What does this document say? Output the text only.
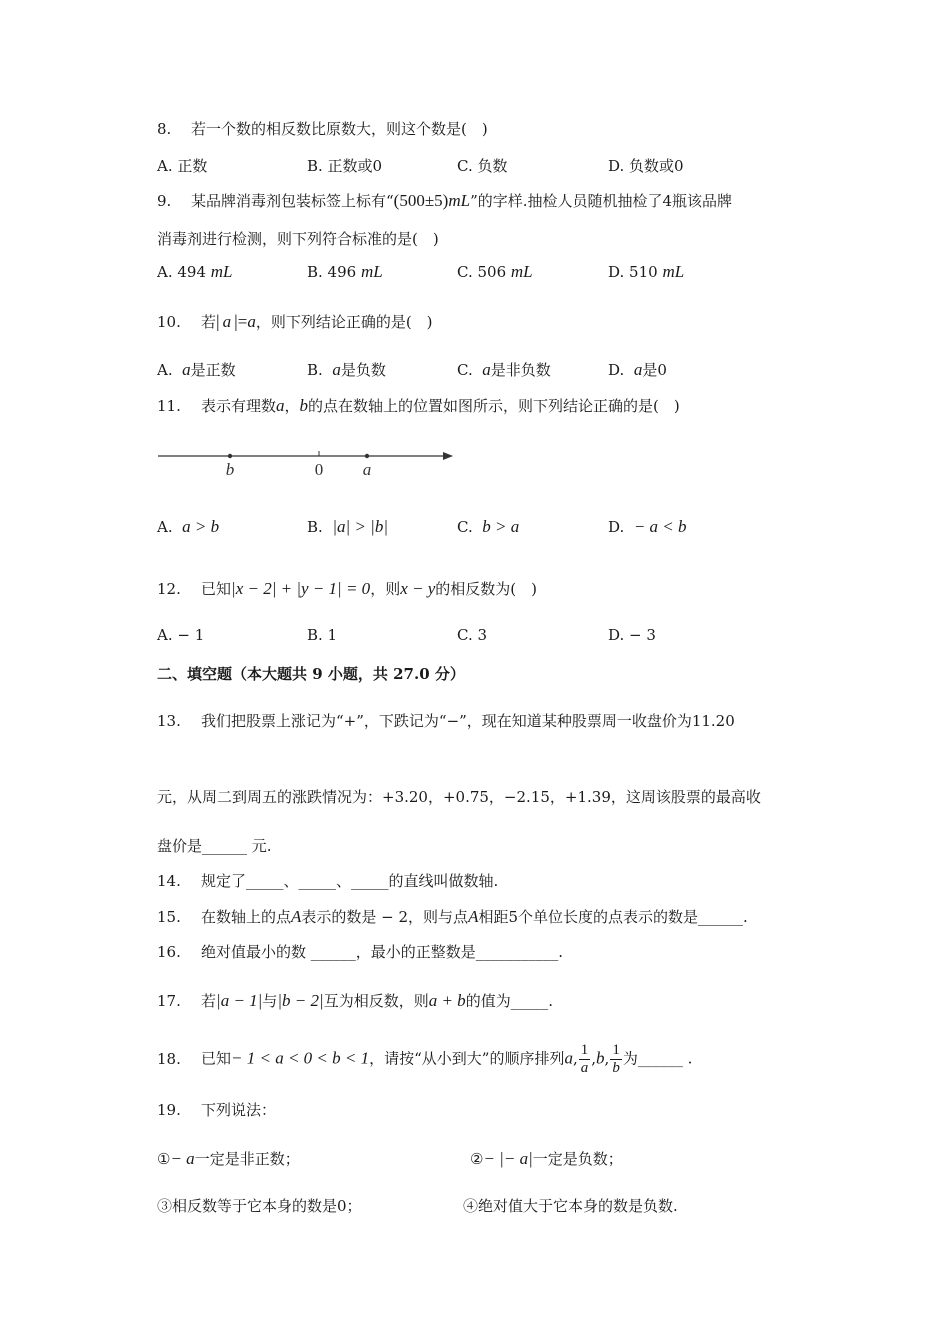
8. 若一个数的相反数比原数大，则这个数是(　)
A. 正数	B. 正数或0	C. 负数	D. 负数或0
9. 某品牌消毒剂包装标签上标有“(500±5)mL”的字样.抽检人员随机抽检了4瓶该品牌
消毒剂进行检测，则下列符合标准的是(　)
A. 494 mL	B. 496 mL	C. 506 mL	D. 510 mL
10. 若| a |=a，则下列结论正确的是(　)
A. a是正数	B. a是负数	C. a是非负数	D. a是0
11. 表示有理数a，b的点在数轴上的位置如图所示，则下列结论正确的是(　)
b	0 a
A. a > b	B. |a| > |b|	C. b > a	D. − a < b
12. 已知|x − 2| + |y − 1| = 0，则x − y的相反数为(　)
A. − 1	B. 1	C. 3	D. − 3
二、填空题（本大题共 9 小题，共 27.0 分）
13. 我们把股票上涨记为“+”，下跌记为“−”，现在知道某种股票周一收盘价为11.20
元，从周二到周五的涨跌情况为：+3.20，+0.75，−2.15，+1.39，这周该股票的最高收
盘价是______ 元.
14. 规定了_____、_____、_____的直线叫做数轴.
15. 在数轴上的点A表示的数是 − 2，则与点A相距5个单位长度的点表示的数是______.
16. 绝对值最小的数 ______，最小的正整数是___________.
17. 若|a − 1|与|b − 2|互为相反数，则a + b的值为_____.
18. 已知− 1 < a < 0 < b < 1，请按“从小到大”的顺序排列a, $\frac{1}{a} ,b$, $\frac{1}{b}$ 为______ .
19. 下列说法：
①− a一定是非正数；	②− |− a|一定是负数；
③相反数等于它本身的数是0；	④绝对值大于它本身的数是负数.
